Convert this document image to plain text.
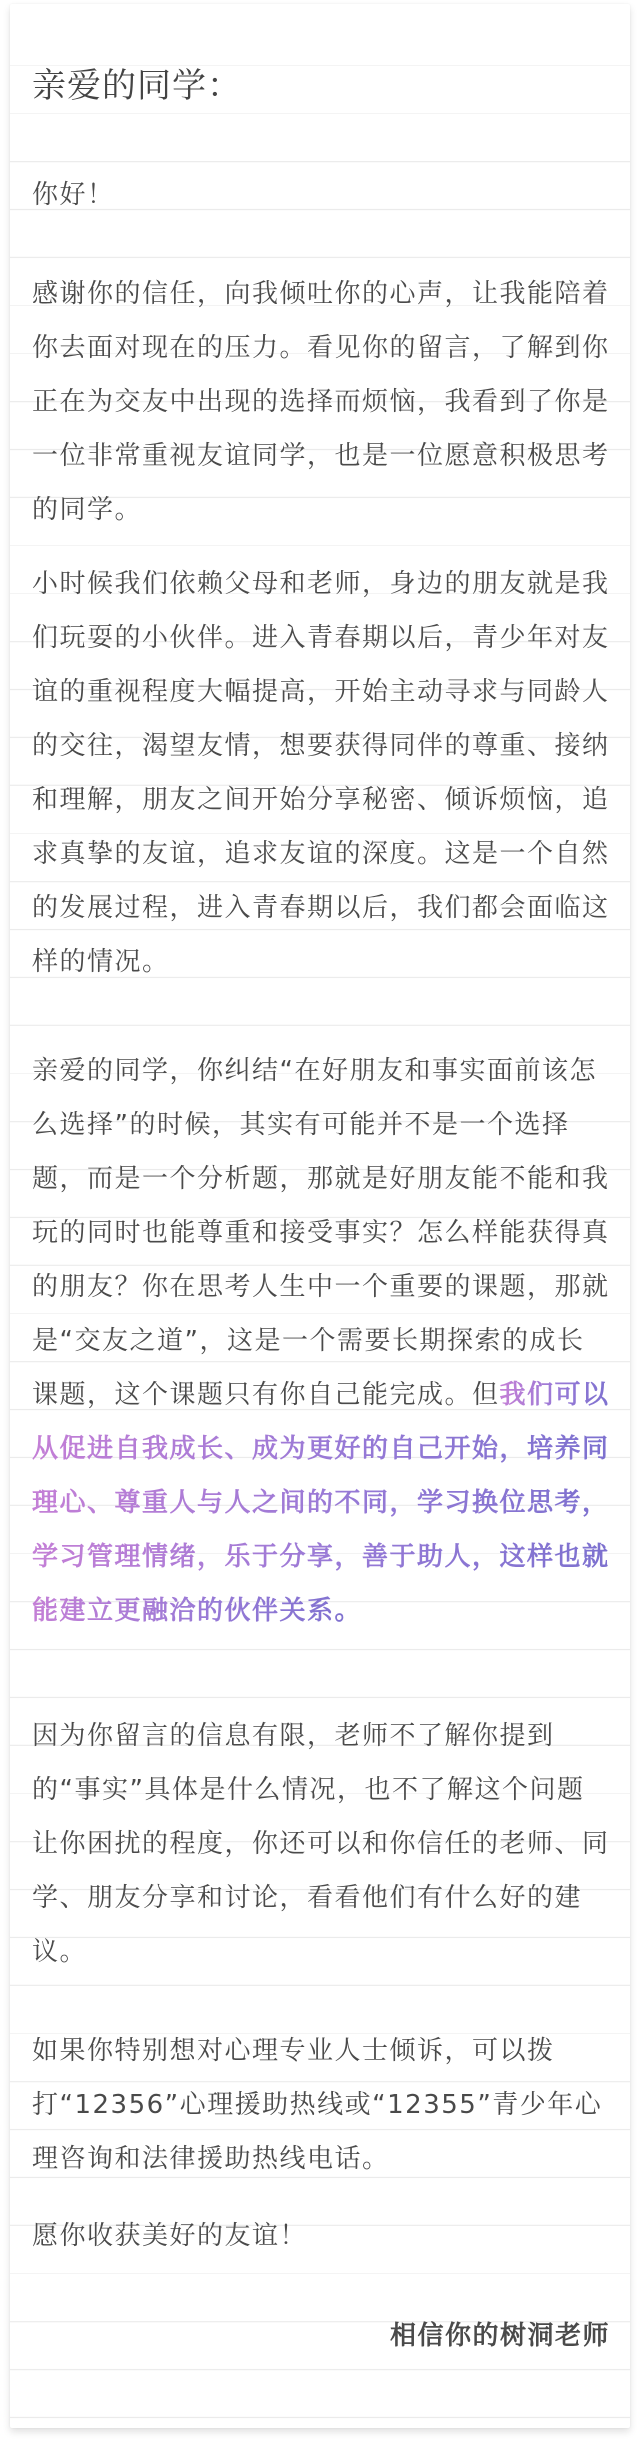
亲爱的同学：

你好！

感谢你的信任，向我倾吐你的心声，让我能陪着你去面对现在的压力。看见你的留言，了解到你正在为交友中出现的选择而烦恼，我看到了你是一位非常重视友谊同学，也是一位愿意积极思考的同学。

小时候我们依赖父母和老师，身边的朋友就是我们玩耍的小伙伴。进入青春期以后，青少年对友谊的重视程度大幅提高，开始主动寻求与同龄人的交往，渴望友情，想要获得同伴的尊重、接纳和理解，朋友之间开始分享秘密、倾诉烦恼，追求真挚的友谊，追求友谊的深度。这是一个自然的发展过程，进入青春期以后，我们都会面临这样的情况。

亲爱的同学，你纠结“在好朋友和事实面前该怎么选择”的时候，其实有可能并不是一个选择题，而是一个分析题，那就是好朋友能不能和我玩的同时也能尊重和接受事实？怎么样能获得真的朋友？你在思考人生中一个重要的课题，那就是“交友之道”，这是一个需要长期探索的成长课题，这个课题只有你自己能完成。但我们可以从促进自我成长、成为更好的自己开始，培养同理心、尊重人与人之间的不同，学习换位思考，学习管理情绪，乐于分享，善于助人，这样也就能建立更融洽的伙伴关系。

因为你留言的信息有限，老师不了解你提到的“事实”具体是什么情况，也不了解这个问题让你困扰的程度，你还可以和你信任的老师、同学、朋友分享和讨论，看看他们有什么好的建议。

如果你特别想对心理专业人士倾诉，可以拨打“12356”心理援助热线或“12355”青少年心理咨询和法律援助热线电话。

愿你收获美好的友谊！

相信你的树洞老师
